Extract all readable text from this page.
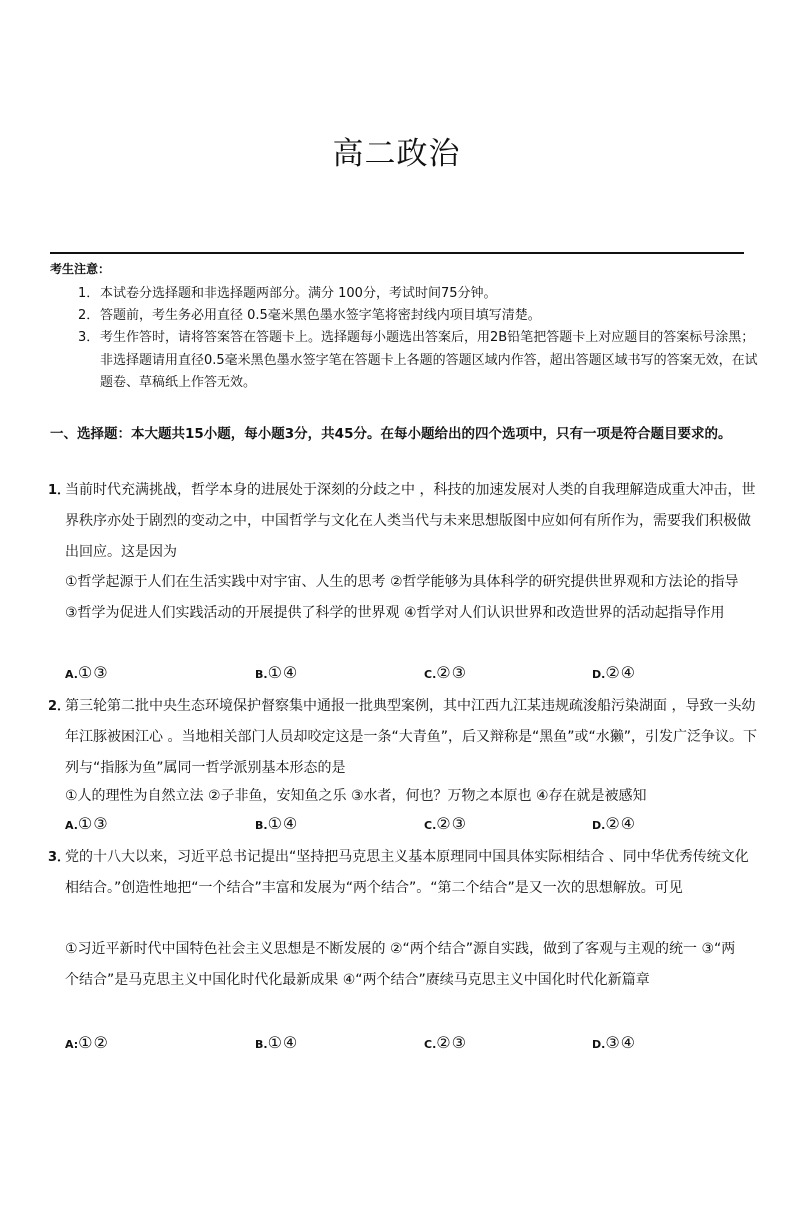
高二政治
考生注意：
1．本试卷分选择题和非选择题两部分。满分 100分，考试时间75分钟。
2．答题前，考生务必用直径 0.5毫米黑色墨水签字笔将密封线内项目填写清楚。
3．考生作答时，请将答案答在答题卡上。选择题每小题选出答案后，用2B铅笔把答题卡上对应题目的答案标号涂黑；非选择题请用直径0.5毫米黑色墨水签字笔在答题卡上各题的答题区域内作答，超出答题区域书写的答案无效，在试题卷、草稿纸上作答无效。
一、选择题：本大题共15小题，每小题3分，共45分。在每小题给出的四个选项中，只有一项是符合题目要求的。
1．当前时代充满挑战，哲学本身的进展处于深刻的分歧之中 ，科技的加速发展对人类的自我理解造成重大冲击，世界秩序亦处于剧烈的变动之中，中国哲学与文化在人类当代与未来思想版图中应如何有所作为，需要我们积极做出回应。这是因为
①哲学起源于人们在生活实践中对宇宙、人生的思考 ②哲学能够为具体科学的研究提供世界观和方法论的指导 ③哲学为促进人们实践活动的开展提供了科学的世界观 ④哲学对人们认识世界和改造世界的活动起指导作用
A.①③	B.①④	C.②③	D.②④
2．第三轮第二批中央生态环境保护督察集中通报一批典型案例，其中江西九江某违规疏浚船污染湖面 ，导致一头幼年江豚被困江心 。当地相关部门人员却咬定这是一条“大青鱼”，后又辩称是“黑鱼”或“水獭”，引发广泛争议。下列与“指豚为鱼”属同一哲学派别基本形态的是
①人的理性为自然立法 ②子非鱼，安知鱼之乐 ③水者，何也？万物之本原也 ④存在就是被感知
A.①③	B.①④	C.②③	D.②④
3．党的十八大以来，习近平总书记提出“坚持把马克思主义基本原理同中国具体实际相结合 、同中华优秀传统文化相结合。”创造性地把“一个结合”丰富和发展为“两个结合”。“第二个结合”是又一次的思想解放。可见
①习近平新时代中国特色社会主义思想是不断发展的 ②“两个结合”源自实践，做到了客观与主观的统一 ③“两个结合”是马克思主义中国化时代化最新成果 ④“两个结合”赓续马克思主义中国化时代化新篇章
A:①②	B.①④	C.②③	D.③④
